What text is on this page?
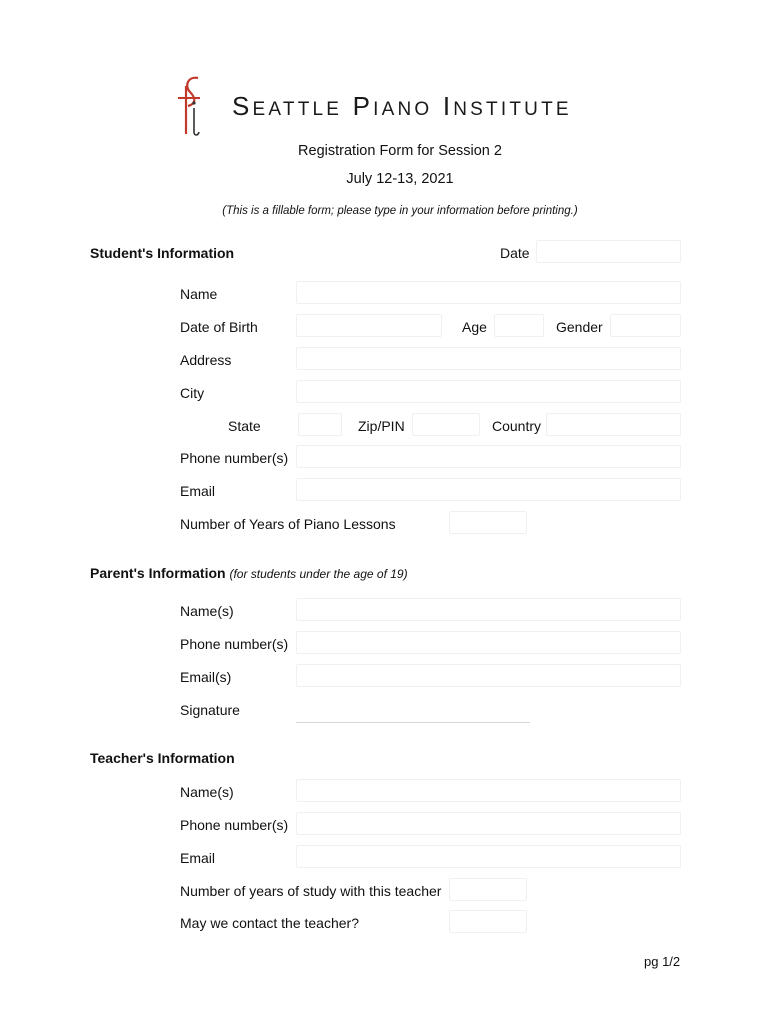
SEATTLE PIANO INSTITUTE
Registration Form for Session 2
July 12-13, 2021
(This is a fillable form; please type in your information before printing.)
Student's Information	Date
Name
Date of Birth	Age	Gender
Address
City
State	Zip/PIN	Country
Phone number(s)
Email
Number of Years of Piano Lessons
Parent's Information (for students under the age of 19)
Name(s)
Phone number(s)
Email(s)
Signature
Teacher's Information
Name(s)
Phone number(s)
Email
Number of years of study with this teacher
May we contact the teacher?
pg 1/2
